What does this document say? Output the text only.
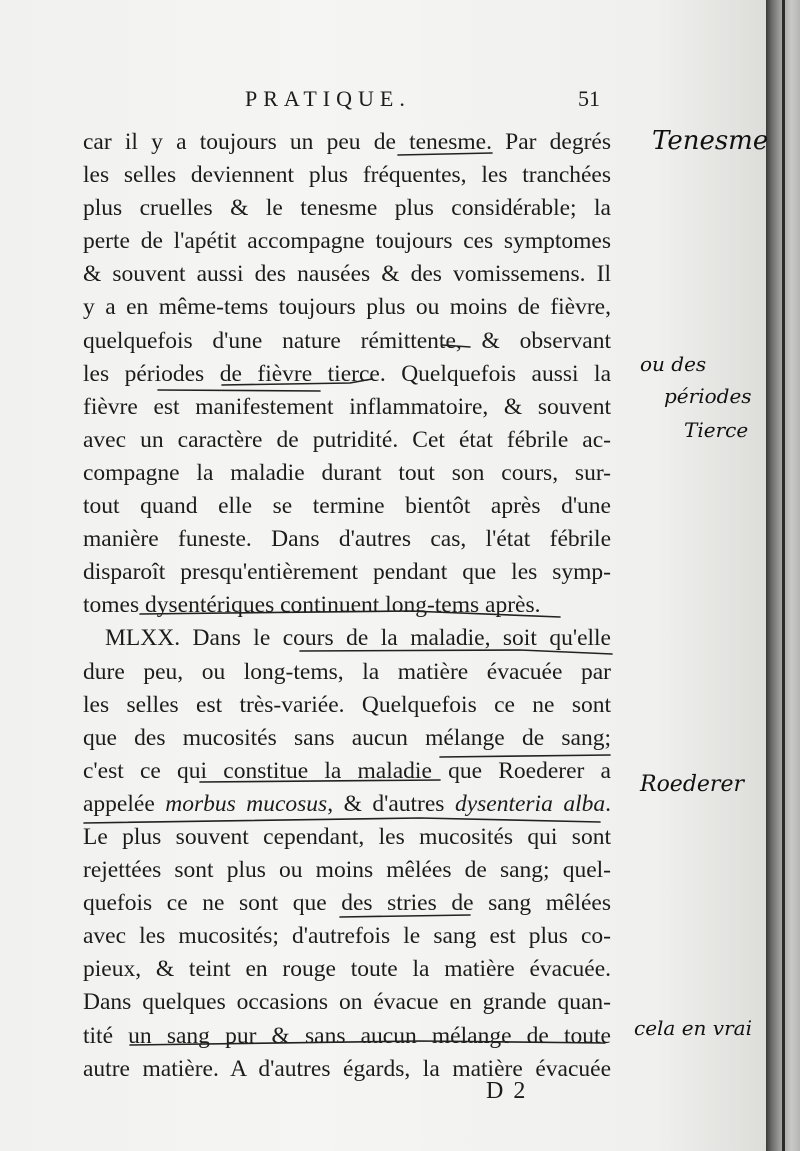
PRATIQUE.	51
car il y a toujours un peu de tenesme. Par degrés
les selles deviennent plus fréquentes, les tranchées
plus cruelles & le tenesme plus considérable; la
perte de l'apétit accompagne toujours ces symptomes
& souvent aussi des nausées & des vomissemens. Il
y a en même-tems toujours plus ou moins de fièvre,
quelquefois d'une nature rémittente, & observant
les périodes de fièvre tierce. Quelquefois aussi la
fièvre est manifestement inflammatoire, & souvent
avec un caractère de putridité. Cet état fébrile ac-
compagne la maladie durant tout son cours, sur-
tout quand elle se termine bientôt après d'une
manière funeste. Dans d'autres cas, l'état fébrile
disparoît presqu'entièrement pendant que les symp-
tomes dysentériques continuent long-tems après.
MLXX. Dans le cours de la maladie, soit qu'elle
dure peu, ou long-tems, la matière évacuée par
les selles est très-variée. Quelquefois ce ne sont
que des mucosités sans aucun mélange de sang;
c'est ce qui constitue la maladie que Roederer a
appelée morbus mucosus, & d'autres dysenteria alba.
Le plus souvent cependant, les mucosités qui sont
rejettées sont plus ou moins mêlées de sang; quel-
quefois ce ne sont que des stries de sang mêlées
avec les mucosités; d'autrefois le sang est plus co-
pieux, & teint en rouge toute la matière évacuée.
Dans quelques occasions on évacue en grande quan-
tité un sang pur & sans aucun mélange de toute
autre matière. A d'autres égards, la matière évacuée
D 2
Tenesme
ou des
périodes
Tierce
Roederer
cela en vrai
